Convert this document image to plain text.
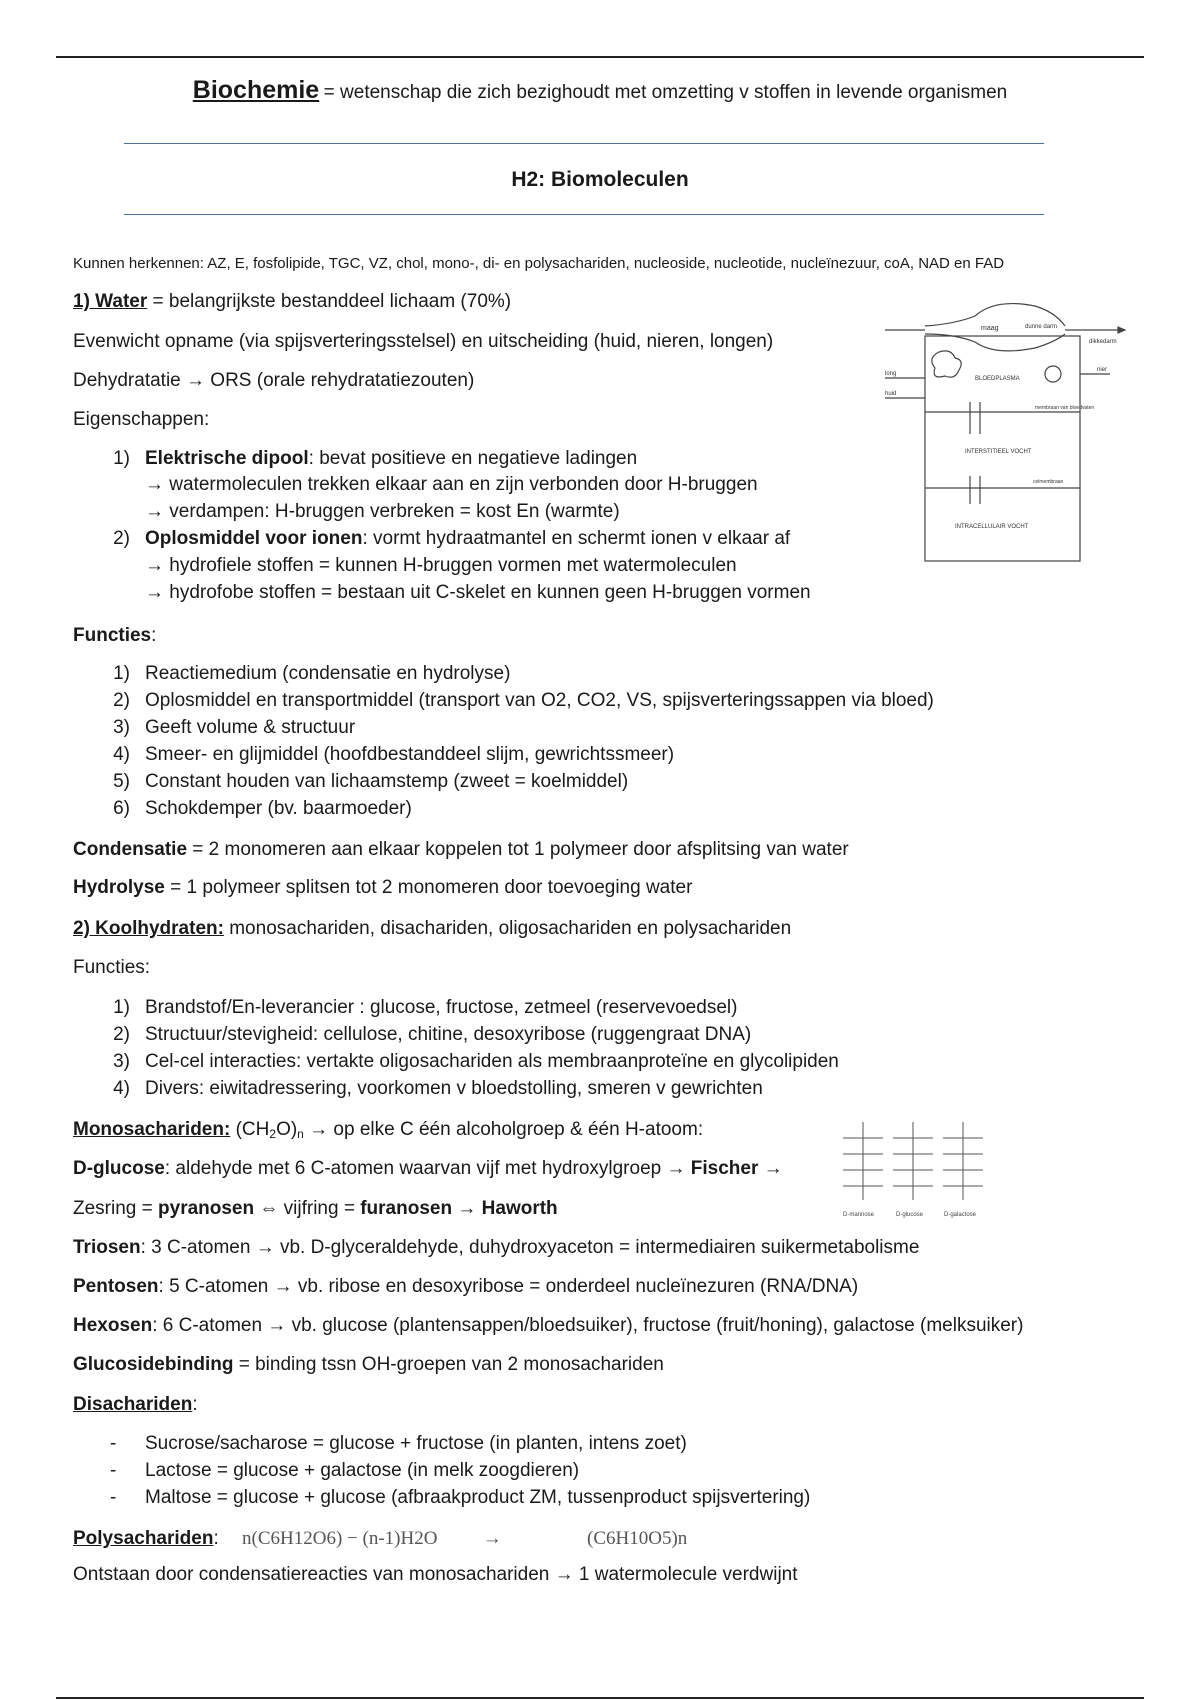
Biochemie = wetenschap die zich bezighoudt met omzetting v stoffen in levende organismen
H2: Biomoleculen
Kunnen herkennen: AZ, E, fosfolipide, TGC, VZ, chol, mono-, di- en polysachariden, nucleoside, nucleotide, nucleïnezuur, coA, NAD en FAD
1) Water = belangrijkste bestanddeel lichaam (70%)
Evenwicht opname (via spijsverteringsstelsel) en uitscheiding (huid, nieren, longen)
Dehydratatie → ORS (orale rehydratatiezouten)
Eigenschappen:
1) Elektrische dipool: bevat positieve en negatieve ladingen
→ watermoleculen trekken elkaar aan en zijn verbonden door H-bruggen
→ verdampen: H-bruggen verbreken = kost En (warmte)
2) Oplosmiddel voor ionen: vormt hydraatmantel en schermt ionen v elkaar af
→ hydrofiele stoffen = kunnen H-bruggen vormen met watermoleculen
→ hydrofobe stoffen = bestaan uit C-skelet en kunnen geen H-bruggen vormen
Functies:
1) Reactiemedium (condensatie en hydrolyse)
2) Oplosmiddel en transportmiddel (transport van O2, CO2, VS, spijsverteringssappen via bloed)
3) Geeft volume & structuur
4) Smeer- en glijmiddel (hoofdbestanddeel slijm, gewrichtssmeer)
5) Constant houden van lichaamstemp (zweet = koelmiddel)
6) Schokdemper (bv. baarmoeder)
Condensatie = 2 monomeren aan elkaar koppelen tot 1 polymeer door afsplitsing van water
Hydrolyse = 1 polymeer splitsen tot 2 monomeren door toevoeging water
maag	dunne darm
dikkedarm
long
huid
nier
BLOEDPLASMA
membraan van bloedvaten
INTERSTITIEEL VOCHT
celmembraan
INTRACELLULAIR VOCHT
2) Koolhydraten: monosachariden, disachariden, oligosachariden en polysachariden
Functies:
1) Brandstof/En-leverancier : glucose, fructose, zetmeel (reservevoedsel)
2) Structuur/stevigheid: cellulose, chitine, desoxyribose (ruggengraat DNA)
3) Cel-cel interacties: vertakte oligosachariden als membraanproteïne en glycolipiden
4) Divers: eiwitadressering, voorkomen v bloedstolling, smeren v gewrichten
Monosachariden: $(CH_2O)_n$ → op elke C één alcoholgroep & één H-atoom:
D-glucose: aldehyde met 6 C-atomen waarvan vijf met hydroxylgroep → Fischer →
Zesring = pyranosen ⇔ vijfring = furanosen → Haworth	D-mannose	D-glucose	D-galactose
Triosen: 3 C-atomen → vb. D-glyceraldehyde, duhydroxyaceton = intermediairen suikermetabolisme
Pentosen: 5 C-atomen → vb. ribose en desoxyribose = onderdeel nucleïnezuren (RNA/DNA)
Hexosen: 6 C-atomen → vb. glucose (plantensappen/bloedsuiker), fructose (fruit/honing), galactose (melksuiker)
Glucosidebinding = binding tssn OH-groepen van 2 monosachariden
Disachariden:
- Sucrose/sacharose = glucose + fructose (in planten, intens zoet)
- Lactose = glucose + galactose (in melk zoogdieren)
- Maltose = glucose + glucose (afbraakproduct ZM, tussenproduct spijsvertering)
Polysachariden: n(C6H12O6) − (n-1)H2O →	(C6H10O5)n
Ontstaan door condensatiereacties van monosachariden → 1 watermolecule verdwijnt
